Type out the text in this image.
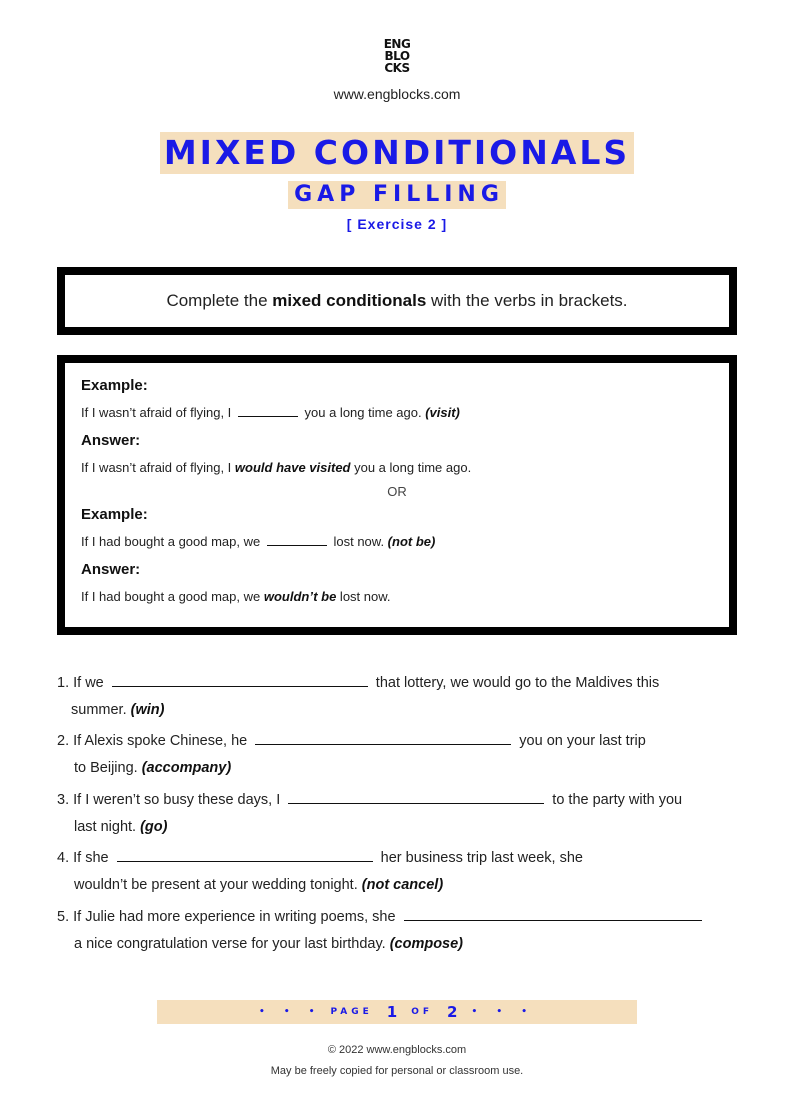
ENG
BLO
CKS
www.engblocks.com
MIXED CONDITIONALS
GAP FILLING
[ Exercise 2 ]
Complete the mixed conditionals with the verbs in brackets.
Example:
If I wasn’t afraid of flying, I	you a long time ago. (visit)
Answer:
If I wasn’t afraid of flying, I would have visited you a long time ago.
OR
Example:
If I had bought a good map, we	lost now. (not be)
Answer:
If I had bought a good map, we wouldn’t be lost now.
1. If we	that lottery, we would go to the Maldives this
summer. (win)
2. If Alexis spoke Chinese, he	you on your last trip
to Beijing. (accompany)
3. If I weren’t so busy these days, I	to the party with you
last night. (go)
4. If she	her business trip last week, she
wouldn’t be present at your wedding tonight. (not cancel)
5. If Julie had more experience in writing poems, she
a nice congratulation verse for your last birthday. (compose)
• • • PAGE 1 OF 2 • • •
© 2022 www.engblocks.com
May be freely copied for personal or classroom use.
